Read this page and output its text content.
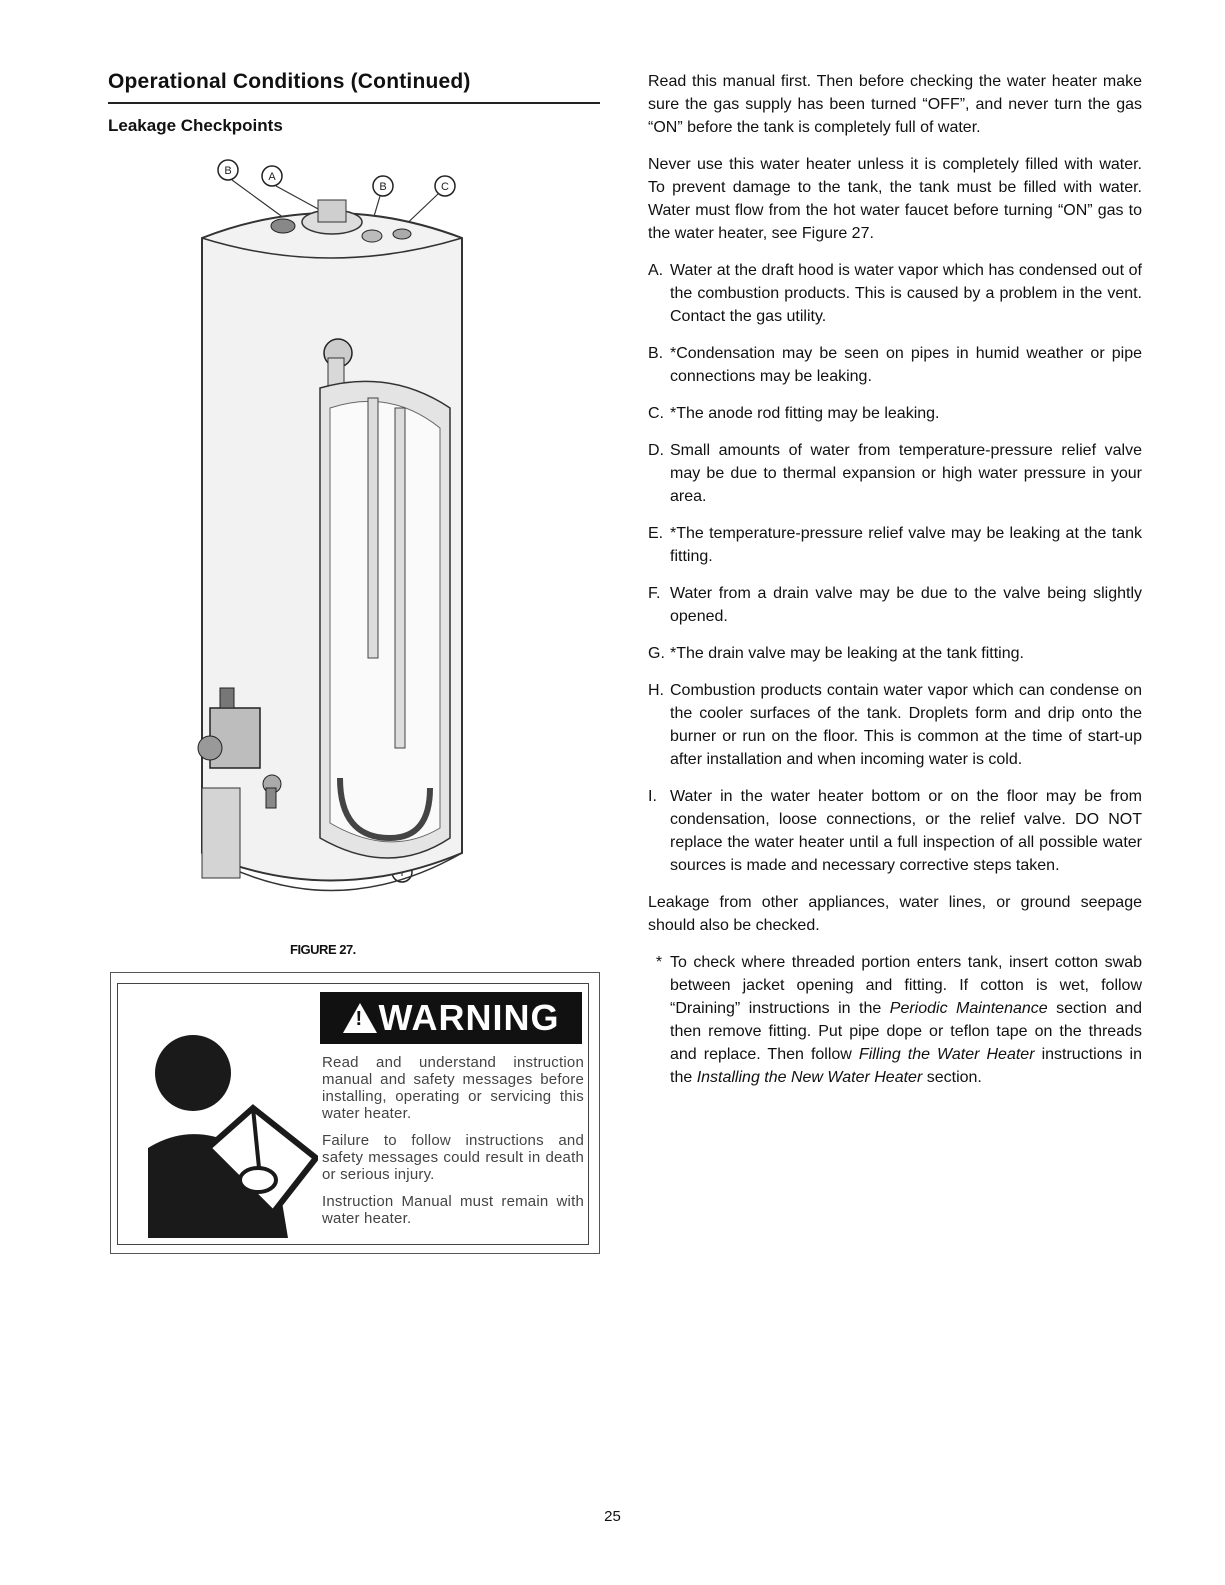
Operational Conditions (Continued)
Leakage Checkpoints
B	A
B	C
FIGURE 27.
!
WARNING

Read and understand instruction manual and safety messages before installing, operating or servicing this water heater.

Failure to follow instructions and safety messages could result in death or serious injury.

Instruction Manual must remain with water heater.

Read this manual first. Then before checking the water heater make sure the gas supply has been turned “OFF”, and never turn the gas “ON” before the tank is completely full of water.

Never use this water heater unless it is completely filled with water. To prevent damage to the tank, the tank must be filled with water. Water must flow from the hot water faucet before turning “ON” gas to the water heater, see Figure 27.

A. Water at the draft hood is water vapor which has condensed out of the combustion products. This is caused by a problem in the vent. Contact the gas utility.
B. *Condensation may be seen on pipes in humid weather or pipe connections may be leaking.
C. *The anode rod fitting may be leaking.
D. Small amounts of water from temperature-pressure relief valve may be due to thermal expansion or high water pressure in your area.
E. *The temperature-pressure relief valve may be leaking at the tank fitting.
F. Water from a drain valve may be due to the valve being slightly opened.
G. *The drain valve may be leaking at the tank fitting.
H. Combustion products contain water vapor which can condense on the cooler surfaces of the tank. Droplets form and drip onto the burner or run on the floor. This is common at the time of start-up after installation and when incoming water is cold.
I. Water in the water heater bottom or on the floor may be from condensation, loose connections, or the relief valve. DO NOT replace the water heater until a full inspection of all possible water sources is made and necessary corrective steps taken.

Leakage from other appliances, water lines, or ground seepage should also be checked.

* To check where threaded portion enters tank, insert cotton swab between jacket opening and fitting. If cotton is wet, follow “Draining” instructions in the Periodic Maintenance section and then remove fitting. Put pipe dope or teflon tape on the threads and replace. Then follow Filling the Water Heater instructions in the Installing the New Water Heater section.
25
